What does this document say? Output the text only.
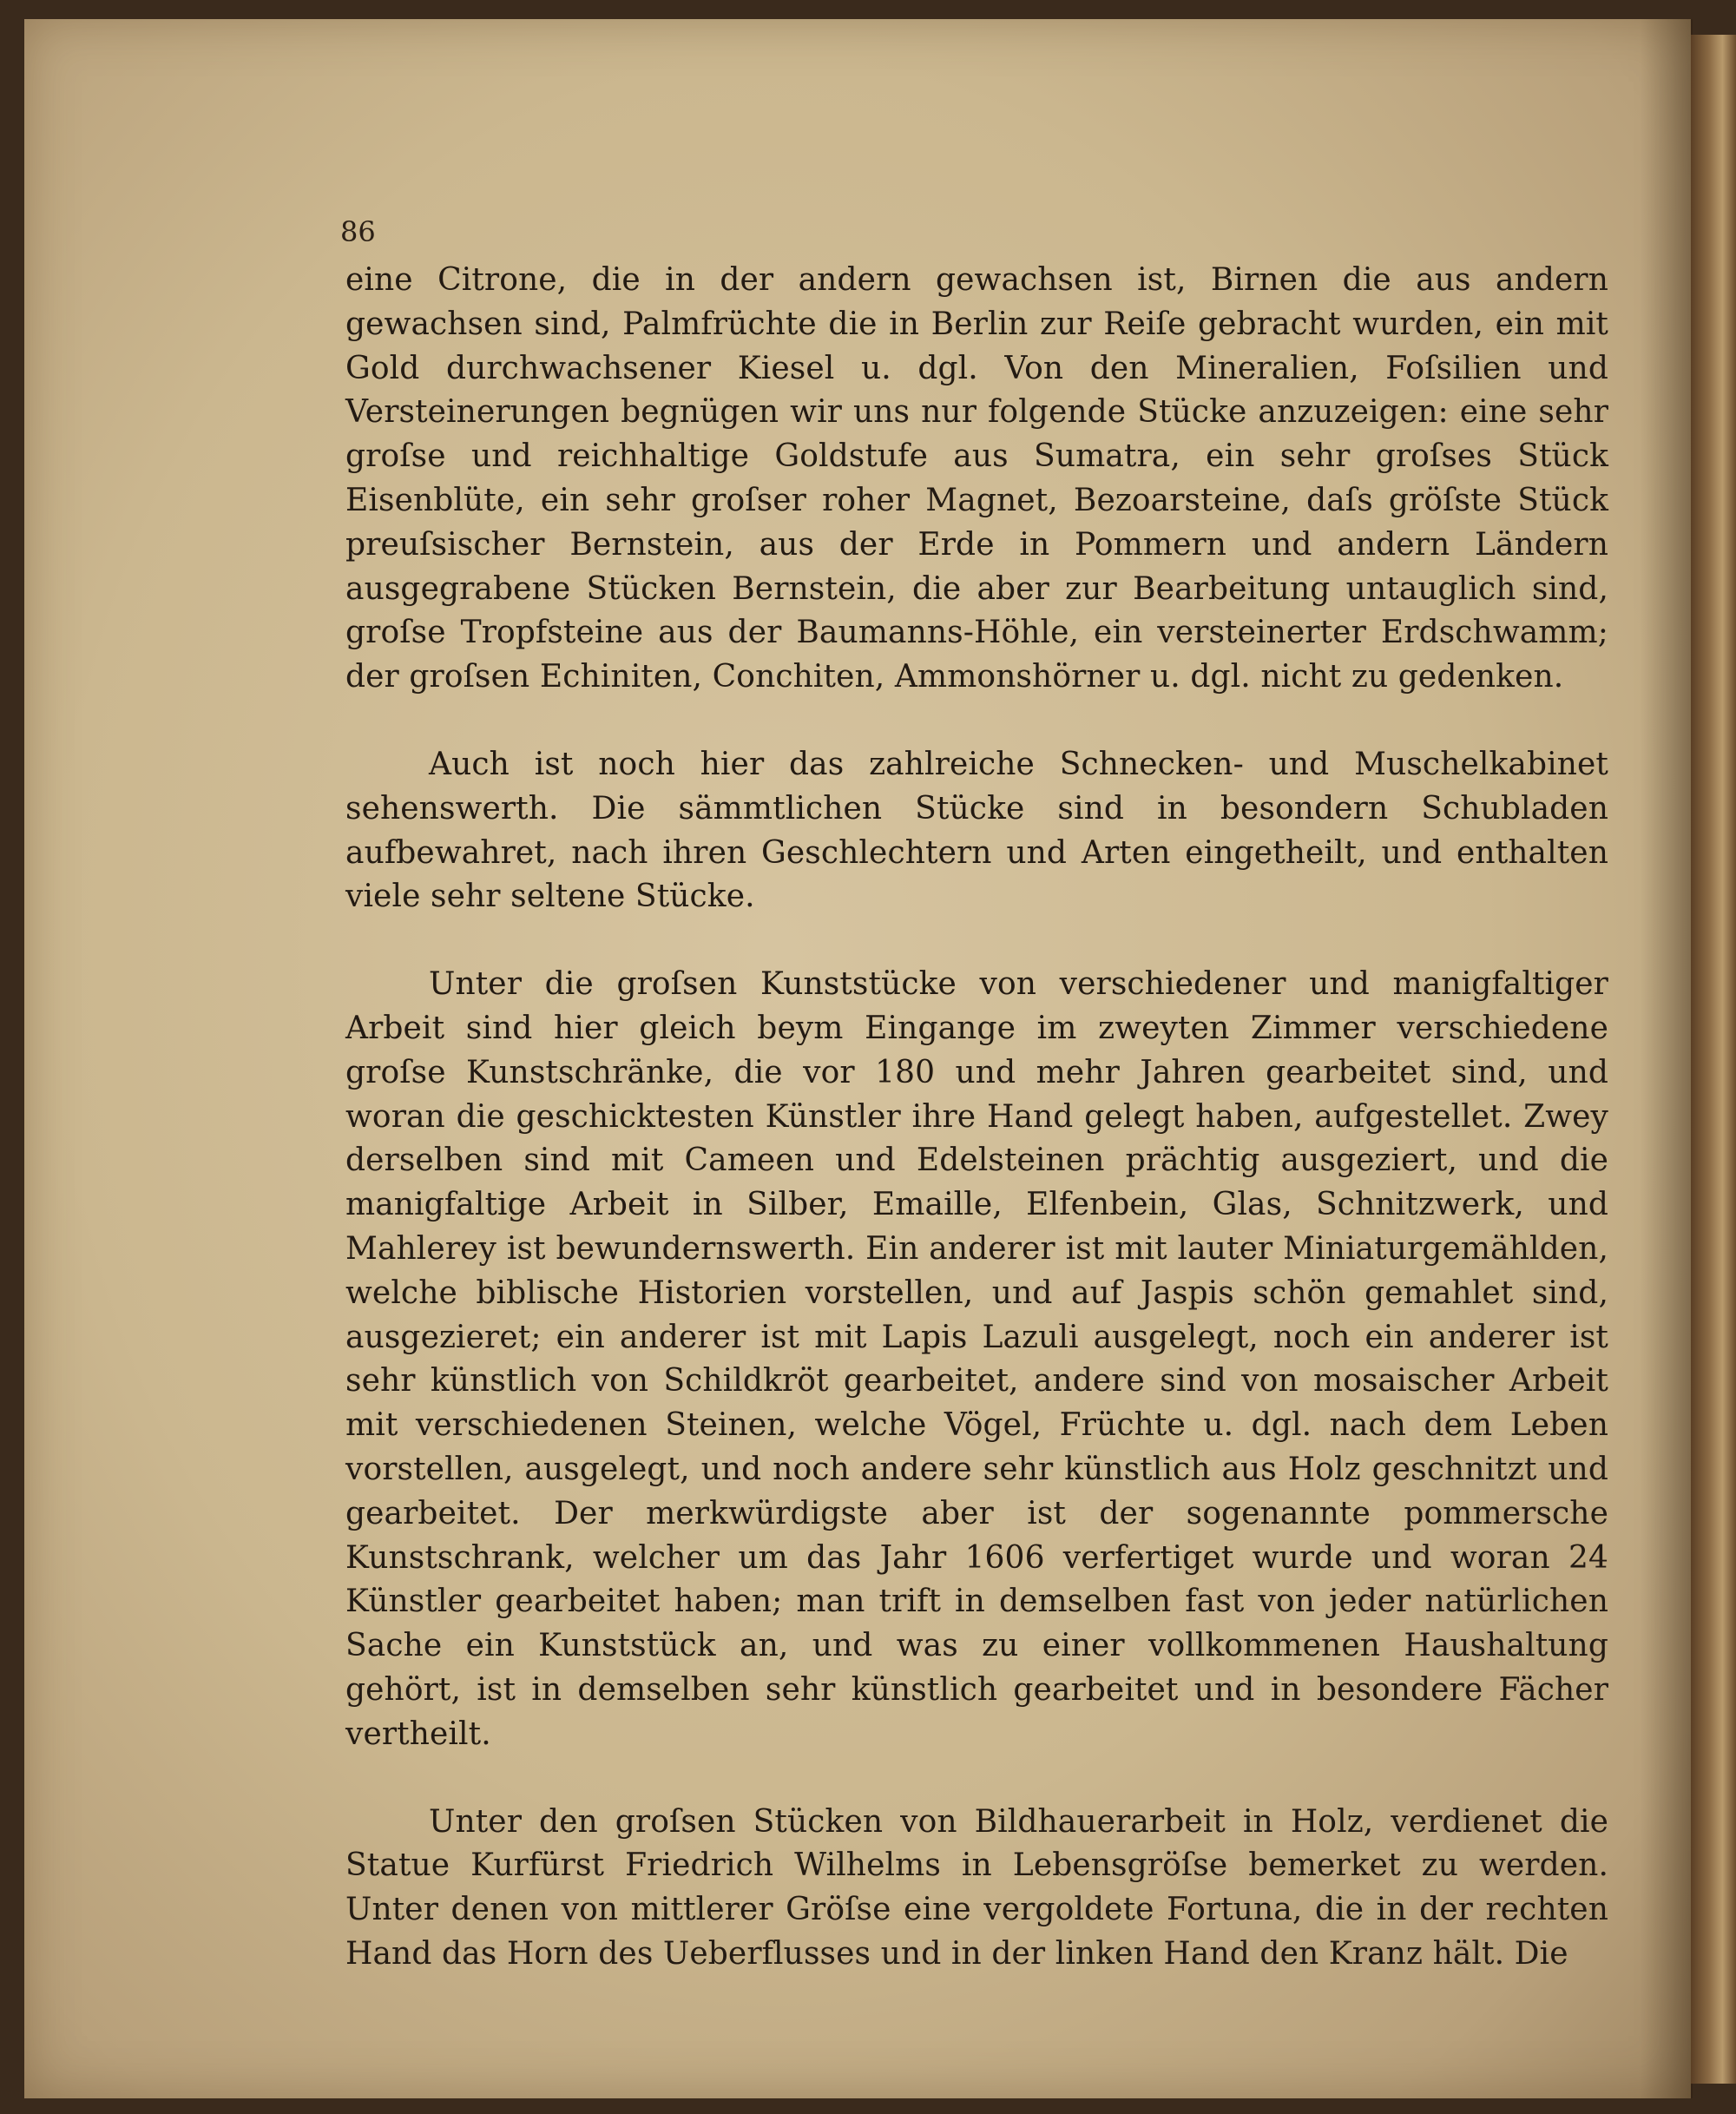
86

eine Citrone, die in der andern gewachsen ist, Birnen die aus andern gewachsen sind, Palmfrüchte die in Berlin zur Reiſe gebracht wurden, ein mit Gold durchwachsener Kiesel u. dgl. Von den Mineralien, Foſsilien und Versteinerungen begnügen wir uns nur folgende Stücke anzuzeigen: eine sehr groſse und reichhaltige Goldstufe aus Sumatra, ein sehr groſses Stück Eisenblüte, ein sehr groſser roher Magnet, Bezoarsteine, daſs gröſste Stück preuſsischer Bernstein, aus der Erde in Pommern und andern Ländern ausgegrabene Stücken Bernstein, die aber zur Bearbeitung untauglich sind, groſse Tropfsteine aus der Baumanns-Höhle, ein versteinerter Erdschwamm; der groſsen Echiniten, Conchiten, Ammonshörner u. dgl. nicht zu gedenken.

Auch ist noch hier das zahlreiche Schnecken- und Muschelkabinet sehenswerth. Die sämmtlichen Stücke sind in besondern Schubladen aufbewahret, nach ihren Geschlechtern und Arten eingetheilt, und enthalten viele sehr seltene Stücke.

Unter die groſsen Kunststücke von verschiedener und manigfaltiger Arbeit sind hier gleich beym Eingange im zweyten Zimmer verschiedene groſse Kunstschränke, die vor 180 und mehr Jahren gearbeitet sind, und woran die geschicktesten Künstler ihre Hand gelegt haben, aufgestellet. Zwey derselben sind mit Cameen und Edelsteinen prächtig ausgeziert, und die manigfaltige Arbeit in Silber, Emaille, Elfenbein, Glas, Schnitzwerk, und Mahlerey ist bewundernswerth. Ein anderer ist mit lauter Miniaturgemählden, welche biblische Historien vorstellen, und auf Jaspis schön gemahlet sind, ausgezieret; ein anderer ist mit Lapis Lazuli ausgelegt, noch ein anderer ist sehr künstlich von Schildkröt gearbeitet, andere sind von mosaischer Arbeit mit verschiedenen Steinen, welche Vögel, Früchte u. dgl. nach dem Leben vorstellen, ausgelegt, und noch andere sehr künstlich aus Holz geschnitzt und gearbeitet. Der merkwürdigste aber ist der sogenannte pommersche Kunstschrank, welcher um das Jahr 1606 verfertiget wurde und woran 24 Künstler gearbeitet haben; man trift in demselben fast von jeder natürlichen Sache ein Kunststück an, und was zu einer vollkommenen Haushaltung gehört, ist in demselben sehr künstlich gearbeitet und in besondere Fächer vertheilt.

Unter den groſsen Stücken von Bildhauerarbeit in Holz, verdienet die Statue Kurfürst Friedrich Wilhelms in Lebensgröſse bemerket zu werden. Unter denen von mittlerer Gröſse eine vergoldete Fortuna, die in der rechten Hand das Horn des Ueberflusses und in der linken Hand den Kranz hält. Die
